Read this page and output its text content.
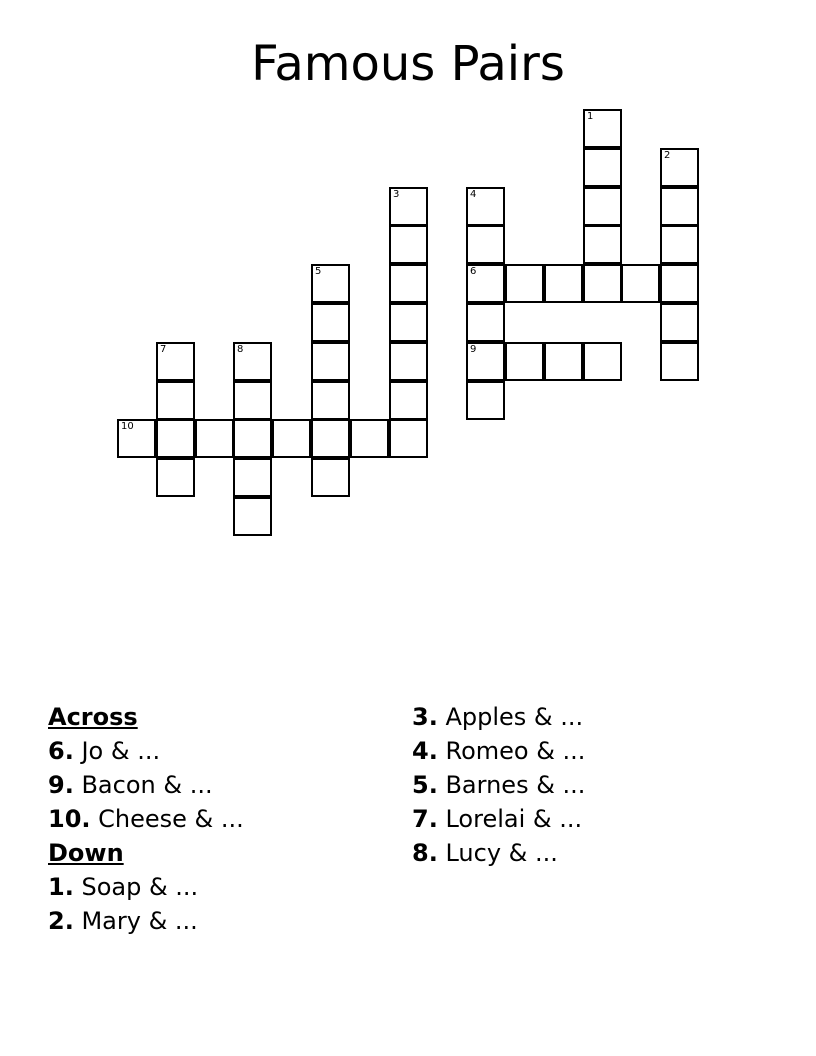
Famous Pairs
1
2
3	4
5	6
7	8	9
10
Across
6. Jo & ...
9. Bacon & ...
10. Cheese & ...
Down
1. Soap & ...
2. Mary & ...
3. Apples & ...
4. Romeo & ...
5. Barnes & ...
7. Lorelai & ...
8. Lucy & ...
